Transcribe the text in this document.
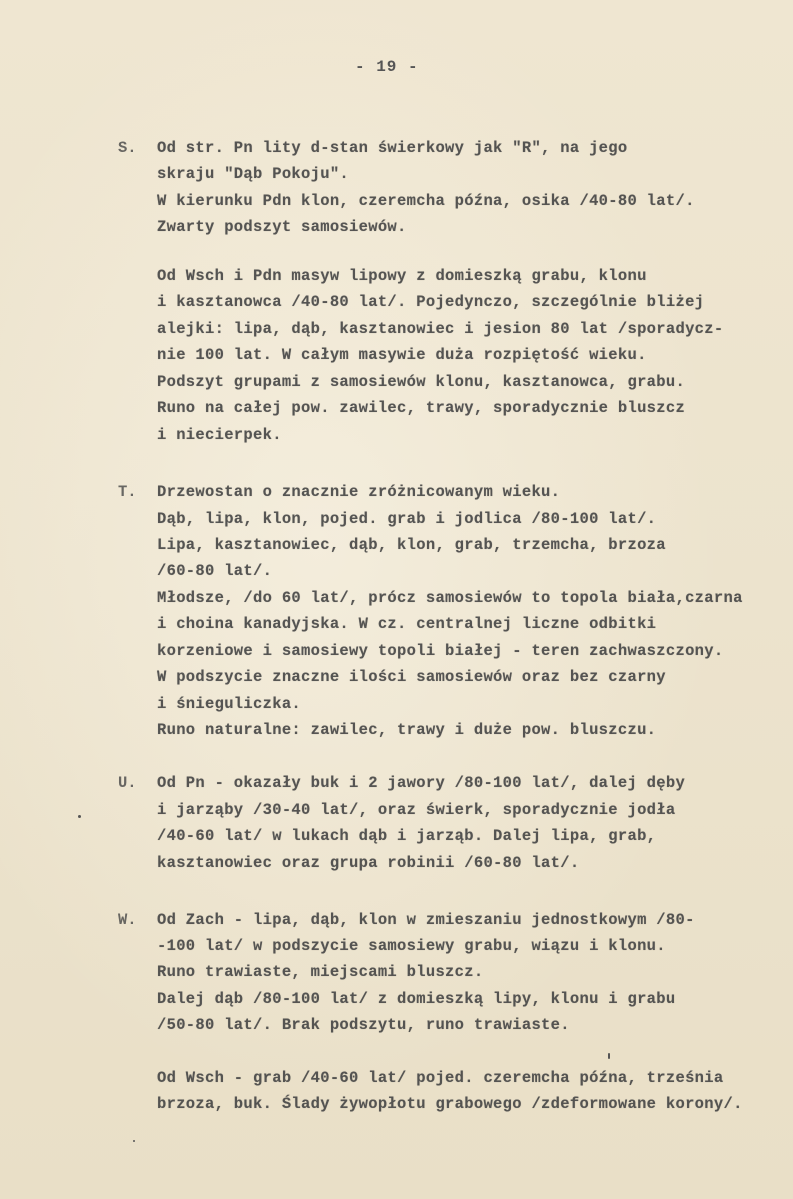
- 19 -
S. Od str. Pn lity d-stan świerkowy jak "R", na jego
skraju "Dąb Pokoju".
W kierunku Pdn klon, czeremcha późna, osika /40-80 lat/.
Zwarty podszyt samosiewów.
Od Wsch i Pdn masyw lipowy z domieszką grabu, klonu
i kasztanowca /40-80 lat/. Pojedynczo, szczególnie bliżej
alejki: lipa, dąb, kasztanowiec i jesion 80 lat /sporadycz-
nie 100 lat. W całym masywie duża rozpiętość wieku.
Podszyt grupami z samosiewów klonu, kasztanowca, grabu.
Runo na całej pow. zawilec, trawy, sporadycznie bluszcz
i niecierpek.
T. Drzewostan o znacznie zróżnicowanym wieku.
Dąb, lipa, klon, pojed. grab i jodlica /80-100 lat/.
Lipa, kasztanowiec, dąb, klon, grab, trzemcha, brzoza
/60-80 lat/.
Młodsze, /do 60 lat/, prócz samosiewów to topola biała,czarna
i choina kanadyjska. W cz. centralnej liczne odbitki
korzeniowe i samosiewy topoli białej - teren zachwaszczony.
W podszycie znaczne ilości samosiewów oraz bez czarny
i śnieguliczka.
Runo naturalne: zawilec, trawy i duże pow. bluszczu.
U. Od Pn - okazały buk i 2 jawory /80-100 lat/, dalej dęby
i jarząby /30-40 lat/, oraz świerk, sporadycznie jodła
/40-60 lat/ w lukach dąb i jarząb. Dalej lipa, grab,
kasztanowiec oraz grupa robinii /60-80 lat/.
W. Od Zach - lipa, dąb, klon w zmieszaniu jednostkowym /80-
-100 lat/ w podszycie samosiewy grabu, wiązu i klonu.
Runo trawiaste, miejscami bluszcz.
Dalej dąb /80-100 lat/ z domieszką lipy, klonu i grabu
/50-80 lat/. Brak podszytu, runo trawiaste.
Od Wsch - grab /40-60 lat/ pojed. czeremcha późna, trześnia
brzoza, buk. Ślady żywopłotu grabowego /zdeformowane korony/.
